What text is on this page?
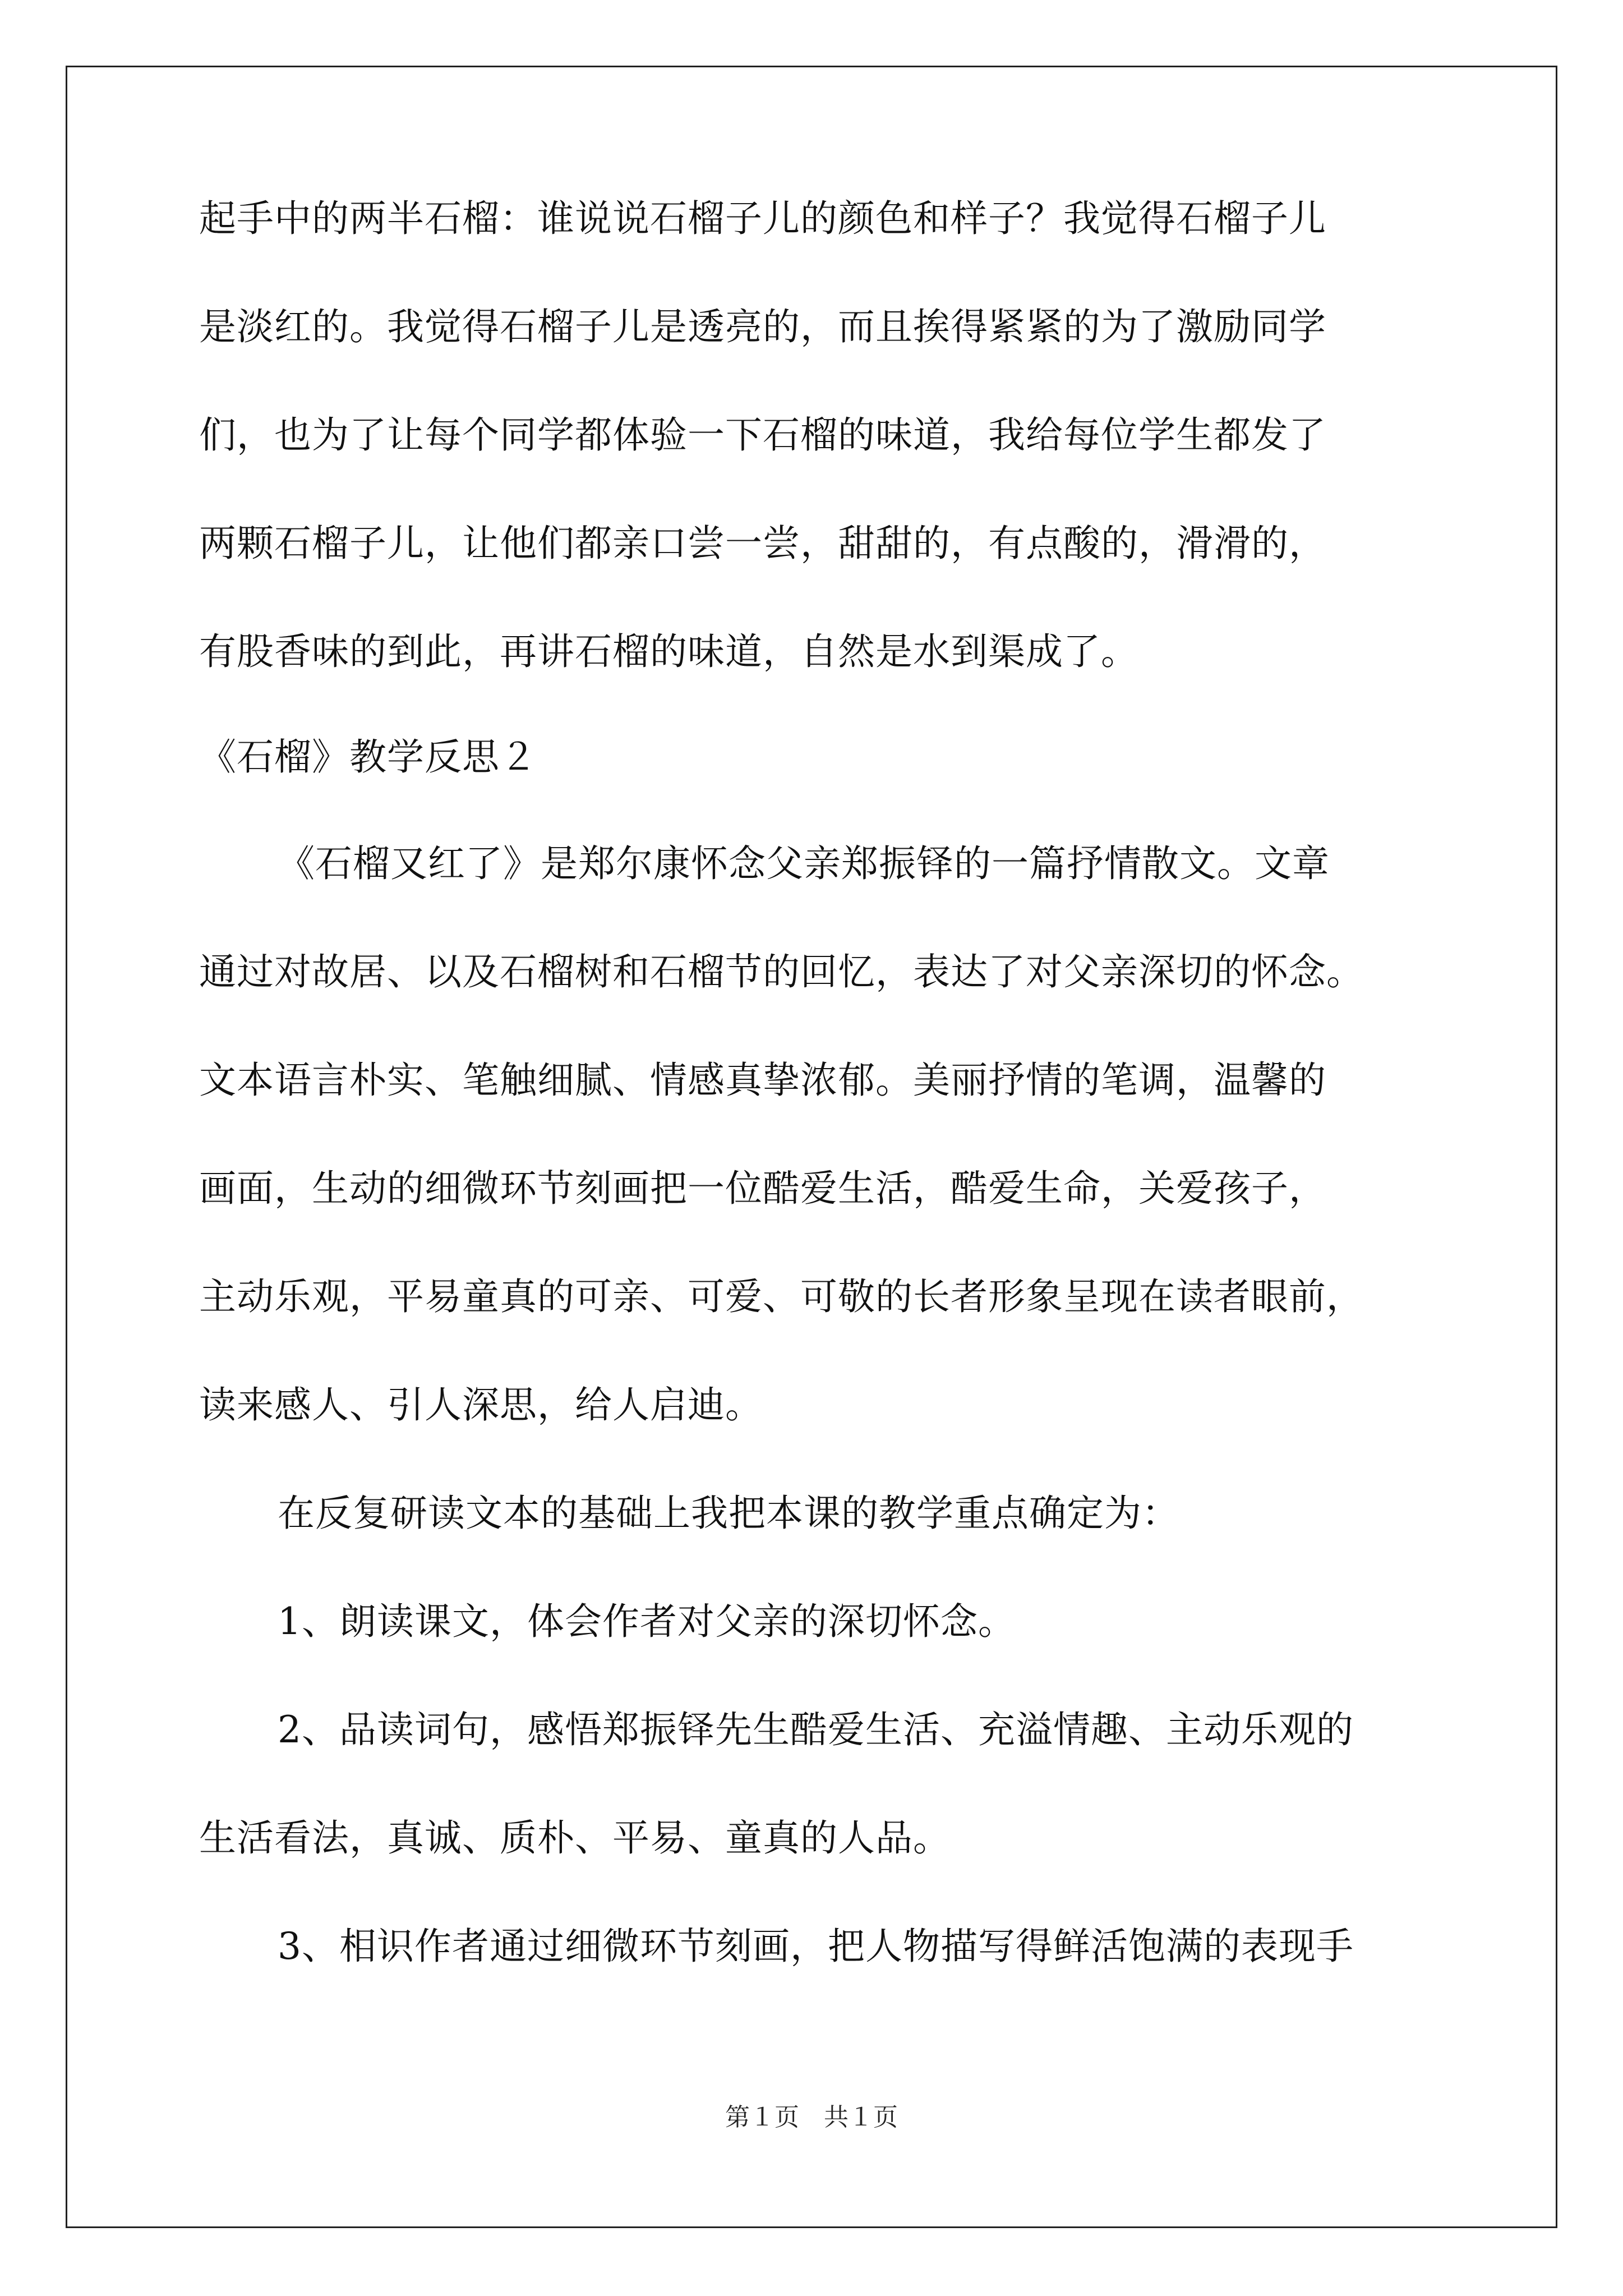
起手中的两半石榴：谁说说石榴子儿的颜色和样子？我觉得石榴子儿
是淡红的。我觉得石榴子儿是透亮的，而且挨得紧紧的为了激励同学
们，也为了让每个同学都体验一下石榴的味道，我给每位学生都发了
两颗石榴子儿，让他们都亲口尝一尝，甜甜的，有点酸的，滑滑的，
有股香味的到此，再讲石榴的味道，自然是水到渠成了。
《石榴》教学反思２
《石榴又红了》是郑尔康怀念父亲郑振铎的一篇抒情散文。文章
通过对故居、以及石榴树和石榴节的回忆，表达了对父亲深切的怀念。
文本语言朴实、笔触细腻、情感真挚浓郁。美丽抒情的笔调，温馨的
画面，生动的细微环节刻画把一位酷爱生活，酷爱生命，关爱孩子，
主动乐观，平易童真的可亲、可爱、可敬的长者形象呈现在读者眼前，
读来感人、引人深思，给人启迪。
在反复研读文本的基础上我把本课的教学重点确定为：
1、朗读课文，体会作者对父亲的深切怀念。
2、品读词句，感悟郑振铎先生酷爱生活、充溢情趣、主动乐观的
生活看法，真诚、质朴、平易、童真的人品。
3、相识作者通过细微环节刻画，把人物描写得鲜活饱满的表现手
第１页　共１页
